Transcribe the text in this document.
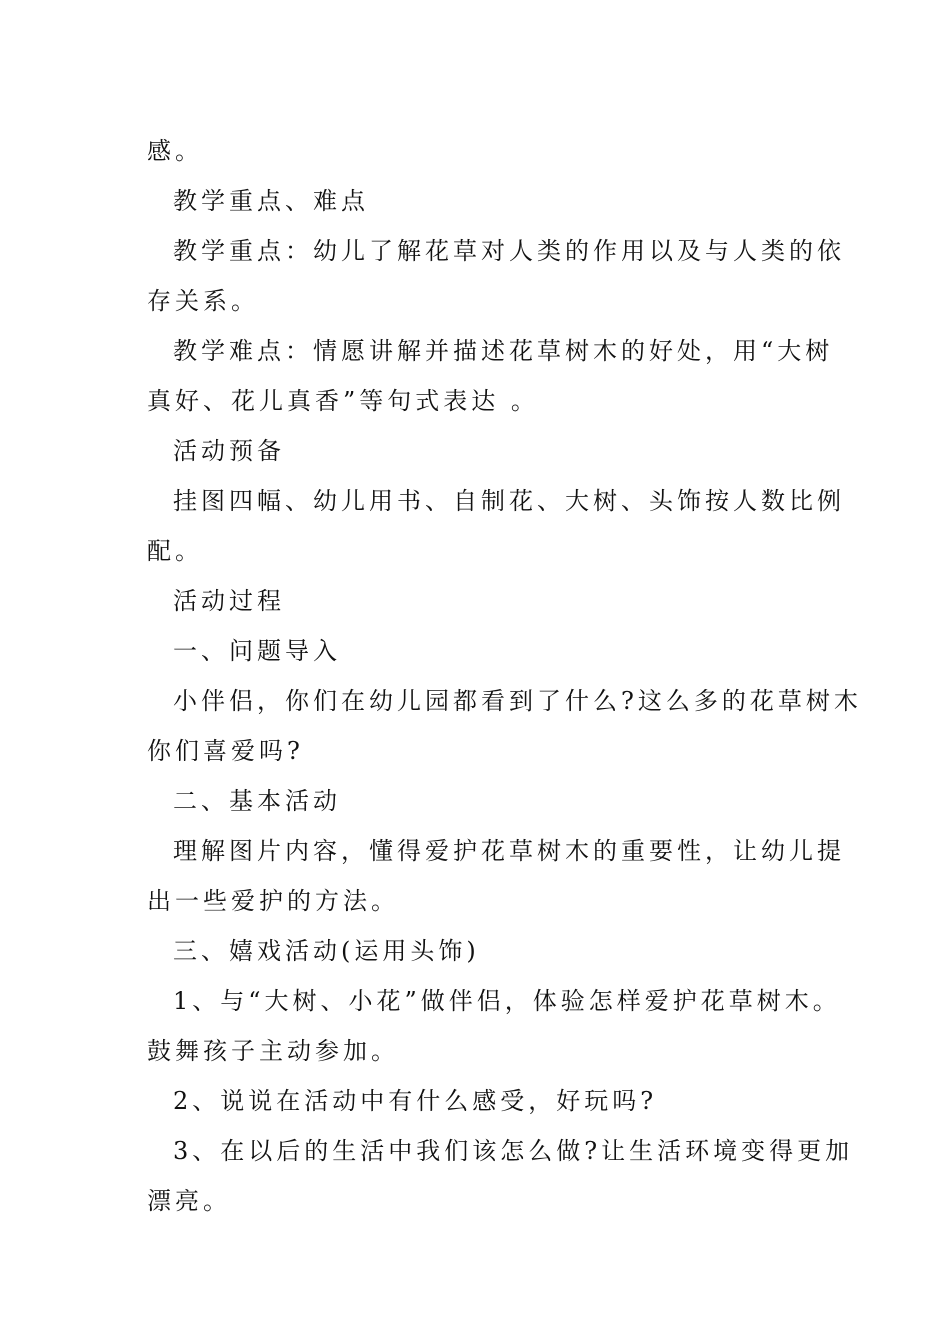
感。
教学重点、难点
教学重点：幼儿了解花草对人类的作用以及与人类的依
存关系。
教学难点：情愿讲解并描述花草树木的好处，用“大树
真好、花儿真香”等句式表达 。
活动预备
挂图四幅、幼儿用书、自制花、大树、头饰按人数比例
配。
活动过程
一、问题导入
小伴侣，你们在幼儿园都看到了什么?这么多的花草树木
你们喜爱吗?
二、基本活动
理解图片内容，懂得爱护花草树木的重要性，让幼儿提
出一些爱护的方法。
三、嬉戏活动(运用头饰)
1、与“大树、小花”做伴侣，体验怎样爱护花草树木。
鼓舞孩子主动参加。
2、说说在活动中有什么感受，好玩吗?
3、在以后的生活中我们该怎么做?让生活环境变得更加
漂亮。
